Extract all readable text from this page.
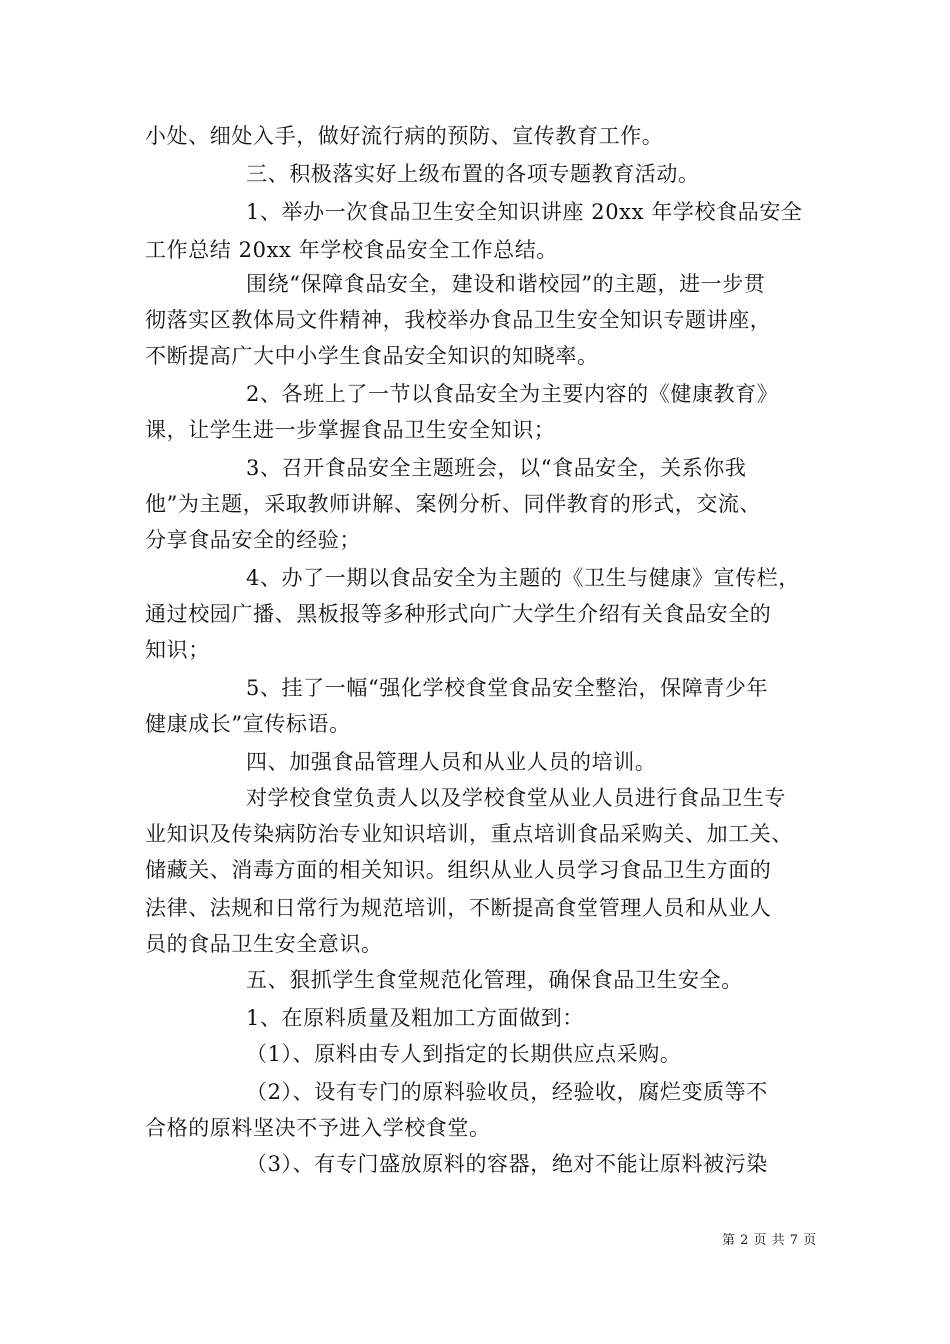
小处、细处入手，做好流行病的预防、宣传教育工作。
三、积极落实好上级布置的各项专题教育活动。
1、举办一次食品卫生安全知识讲座 20xx 年学校食品安全
工作总结 20xx 年学校食品安全工作总结。
围绕“保障食品安全，建设和谐校园”的主题，进一步贯
彻落实区教体局文件精神，我校举办食品卫生安全知识专题讲座，
不断提高广大中小学生食品安全知识的知晓率。
2、各班上了一节以食品安全为主要内容的《健康教育》
课，让学生进一步掌握食品卫生安全知识；
3、召开食品安全主题班会，以“食品安全，关系你我
他”为主题，采取教师讲解、案例分析、同伴教育的形式，交流、
分享食品安全的经验；
4、办了一期以食品安全为主题的《卫生与健康》宣传栏，
通过校园广播、黑板报等多种形式向广大学生介绍有关食品安全的
知识；
5、挂了一幅“强化学校食堂食品安全整治，保障青少年
健康成长”宣传标语。
四、加强食品管理人员和从业人员的培训。
对学校食堂负责人以及学校食堂从业人员进行食品卫生专
业知识及传染病防治专业知识培训，重点培训食品采购关、加工关、
储藏关、消毒方面的相关知识。组织从业人员学习食品卫生方面的
法律、法规和日常行为规范培训，不断提高食堂管理人员和从业人
员的食品卫生安全意识。
五、狠抓学生食堂规范化管理，确保食品卫生安全。
1、在原料质量及粗加工方面做到：
（1）、原料由专人到指定的长期供应点采购。
（2）、设有专门的原料验收员，经验收，腐烂变质等不
合格的原料坚决不予进入学校食堂。
（3）、有专门盛放原料的容器，绝对不能让原料被污染
第 2 页 共 7 页
